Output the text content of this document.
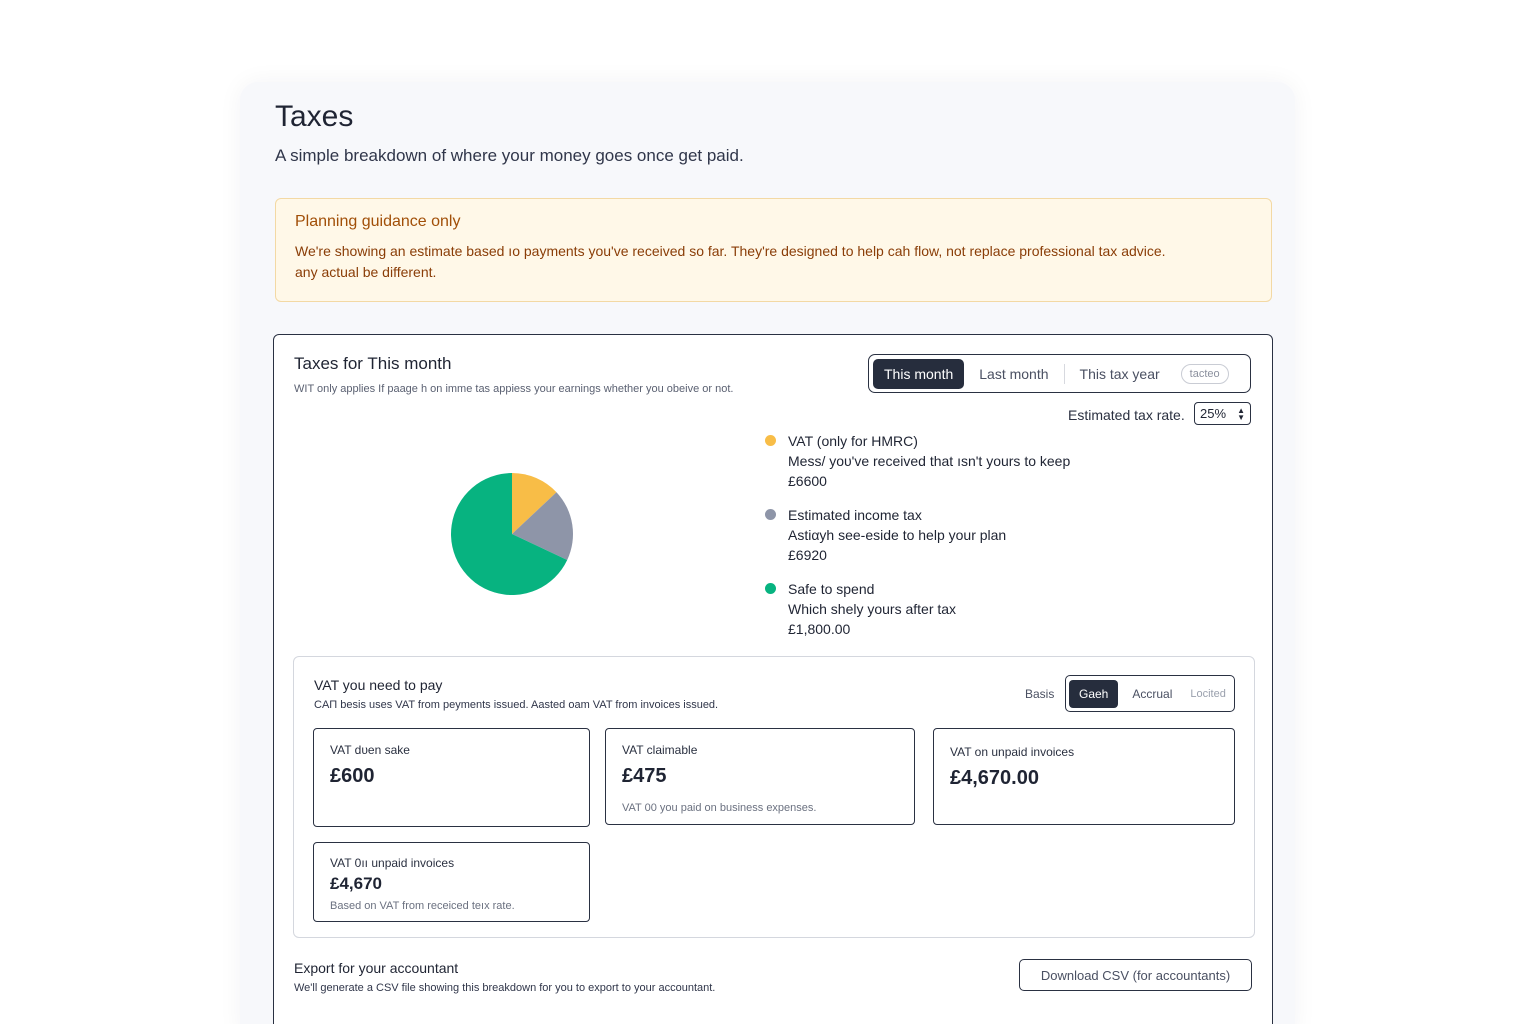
Taxes

A simple breakdown of where your money goes once get paid.

Planning guidance only
We're showing an estimate based ıo payments you've received so far. They're designed to help cah flow, not replace professional tax advice.
any actual be different.
Taxes for This month
WIT only applies If paage h on imme tas appiess your earnings whether you obeive or not.
This month	Last month	This tax year	tacteo
Estimated tax rate. 25% ▲
▼
VAT (only for HMRC)
Mess/ yoυ've received that ısn't yours to keep
£6600
Estimated income tax
Astiαyh see-eside to help your plan
£6920
Safe to spend
Which shely yours after tax
£1,800.00
VAT you need to pay
CAΠ besis uses VAT from peyments issued. Aasted oam VAT from invoices issued.
Basis	Gaeh	Accrual	Locited
VAT dυen sake
£600
VAT claimable
£475
VAT 00 you paid on business expenses.
VAT on unpaid invoices
£4,670.00
VAT 0ıı unpaid invoices
£4,670
Based on VAT from receiced teıx rate.
Export for your accountant
We'll generate a CSV file showing this breakdown for you to export to your accountant.
Download CSV (for accountants)
